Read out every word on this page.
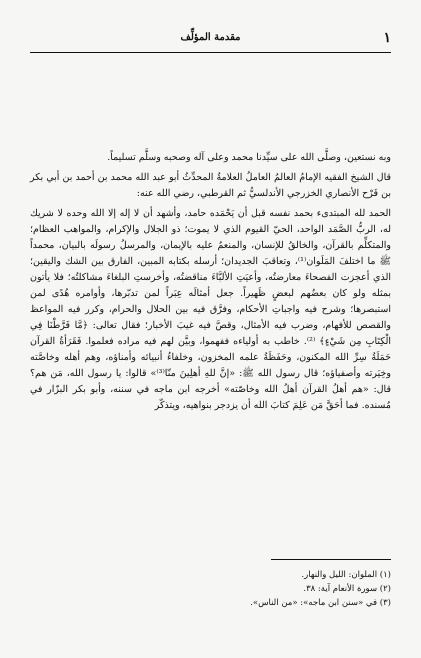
١
مقدمة المؤلِّف

وبه نستعين، وصلَّى الله على سيِّدنا محمد وعلى آله وصحبه وسلَّم تسليماً.

قال الشيخ الفقيه الإمامُ العالمُ العاملُ العلامةُ المحدِّثُ أبو عبد الله محمد بن أحمد بن أبي بكر بن فَرْح الأنصاري الخزرجي الأندلسيُّ ثم القرطبي، رضي الله عنه:

الحمد لله المبتدىء بحمد نفسه قبل أن يَحْمَده حامد، وأشهد أن لا إله إلا الله وحده لا شريك له، الربُّ الصَّمَد الواحد، الحيّ القيوم الذي لا يموت؛ ذو الجلال والإكرام، والمواهب العظام؛ والمتكلِّم بالقرآن، والخالقُ للإنسان، والمنعمُ عليه بالإيمان، والمرسلُ رسولَه بالبيان، محمداً ﷺ ما اختلفَ المَلَوان⁽¹⁾، وتعاقبَ الجديدان؛ أرسله بكتابه المبين، الفارق بين الشك واليقين؛ الذي أعجزت الفصحاءَ معارضتُه، وأعيَتِ الألبَّاءَ مناقضتُه، وأخرستِ البلغاءَ مشاكلتُه؛ فلا يأتون بمثله ولو كان بعضُهم لبعضٍ ظَهيراً. جعل أمثالَه عِبَراً لمن تدبّرها، وأوامره هُدًى لمن استبصرها؛ وشرح فيه واجباتِ الأحكام، وفرَّق فيه بين الحلال والحرام، وكرر فيه المواعظ والقصص للأفهام، وضرب فيه الأمثال، وقصَّ فيه غيبَ الأخبار؛ فقال تعالى: ﴿مَّا فَرَّطْنَا فِي الْكِتَابِ مِن شَيْءٍ﴾ ⁽²⁾. خاطب به أولياءه ففهموا، وبيَّن لهم فيه مراده فعلموا. فَقَرَأةُ القرآن حَمَلَةُ سِرِّ الله المكنون، وحَفَظَةُ علمه المخزون، وخلفاءُ أنبيائه وأمناؤه، وهم أهله وخاصَّته وخِيَرته وأصفياؤه؛ قال رسول الله ﷺ: «إنَّ للهِ أهلِينَ منّا⁽³⁾» قالوا: يا رسول الله، مَن هم؟ قال: «هم أهلُ القرآن أهلُ الله وخاصّته» أخرجه ابن ماجه في سننه، وأبو بكر البزّار في مُسنده. فما أحَقَّ مَن عَلِمَ كتابَ الله أن يزدجر بنواهيه، ويتذكّر

(١) الملوان: الليل والنهار.
(٢) سورة الأنعام آية: ٣٨.
(٣) في «سنن ابن ماجه»: «من الناس».
